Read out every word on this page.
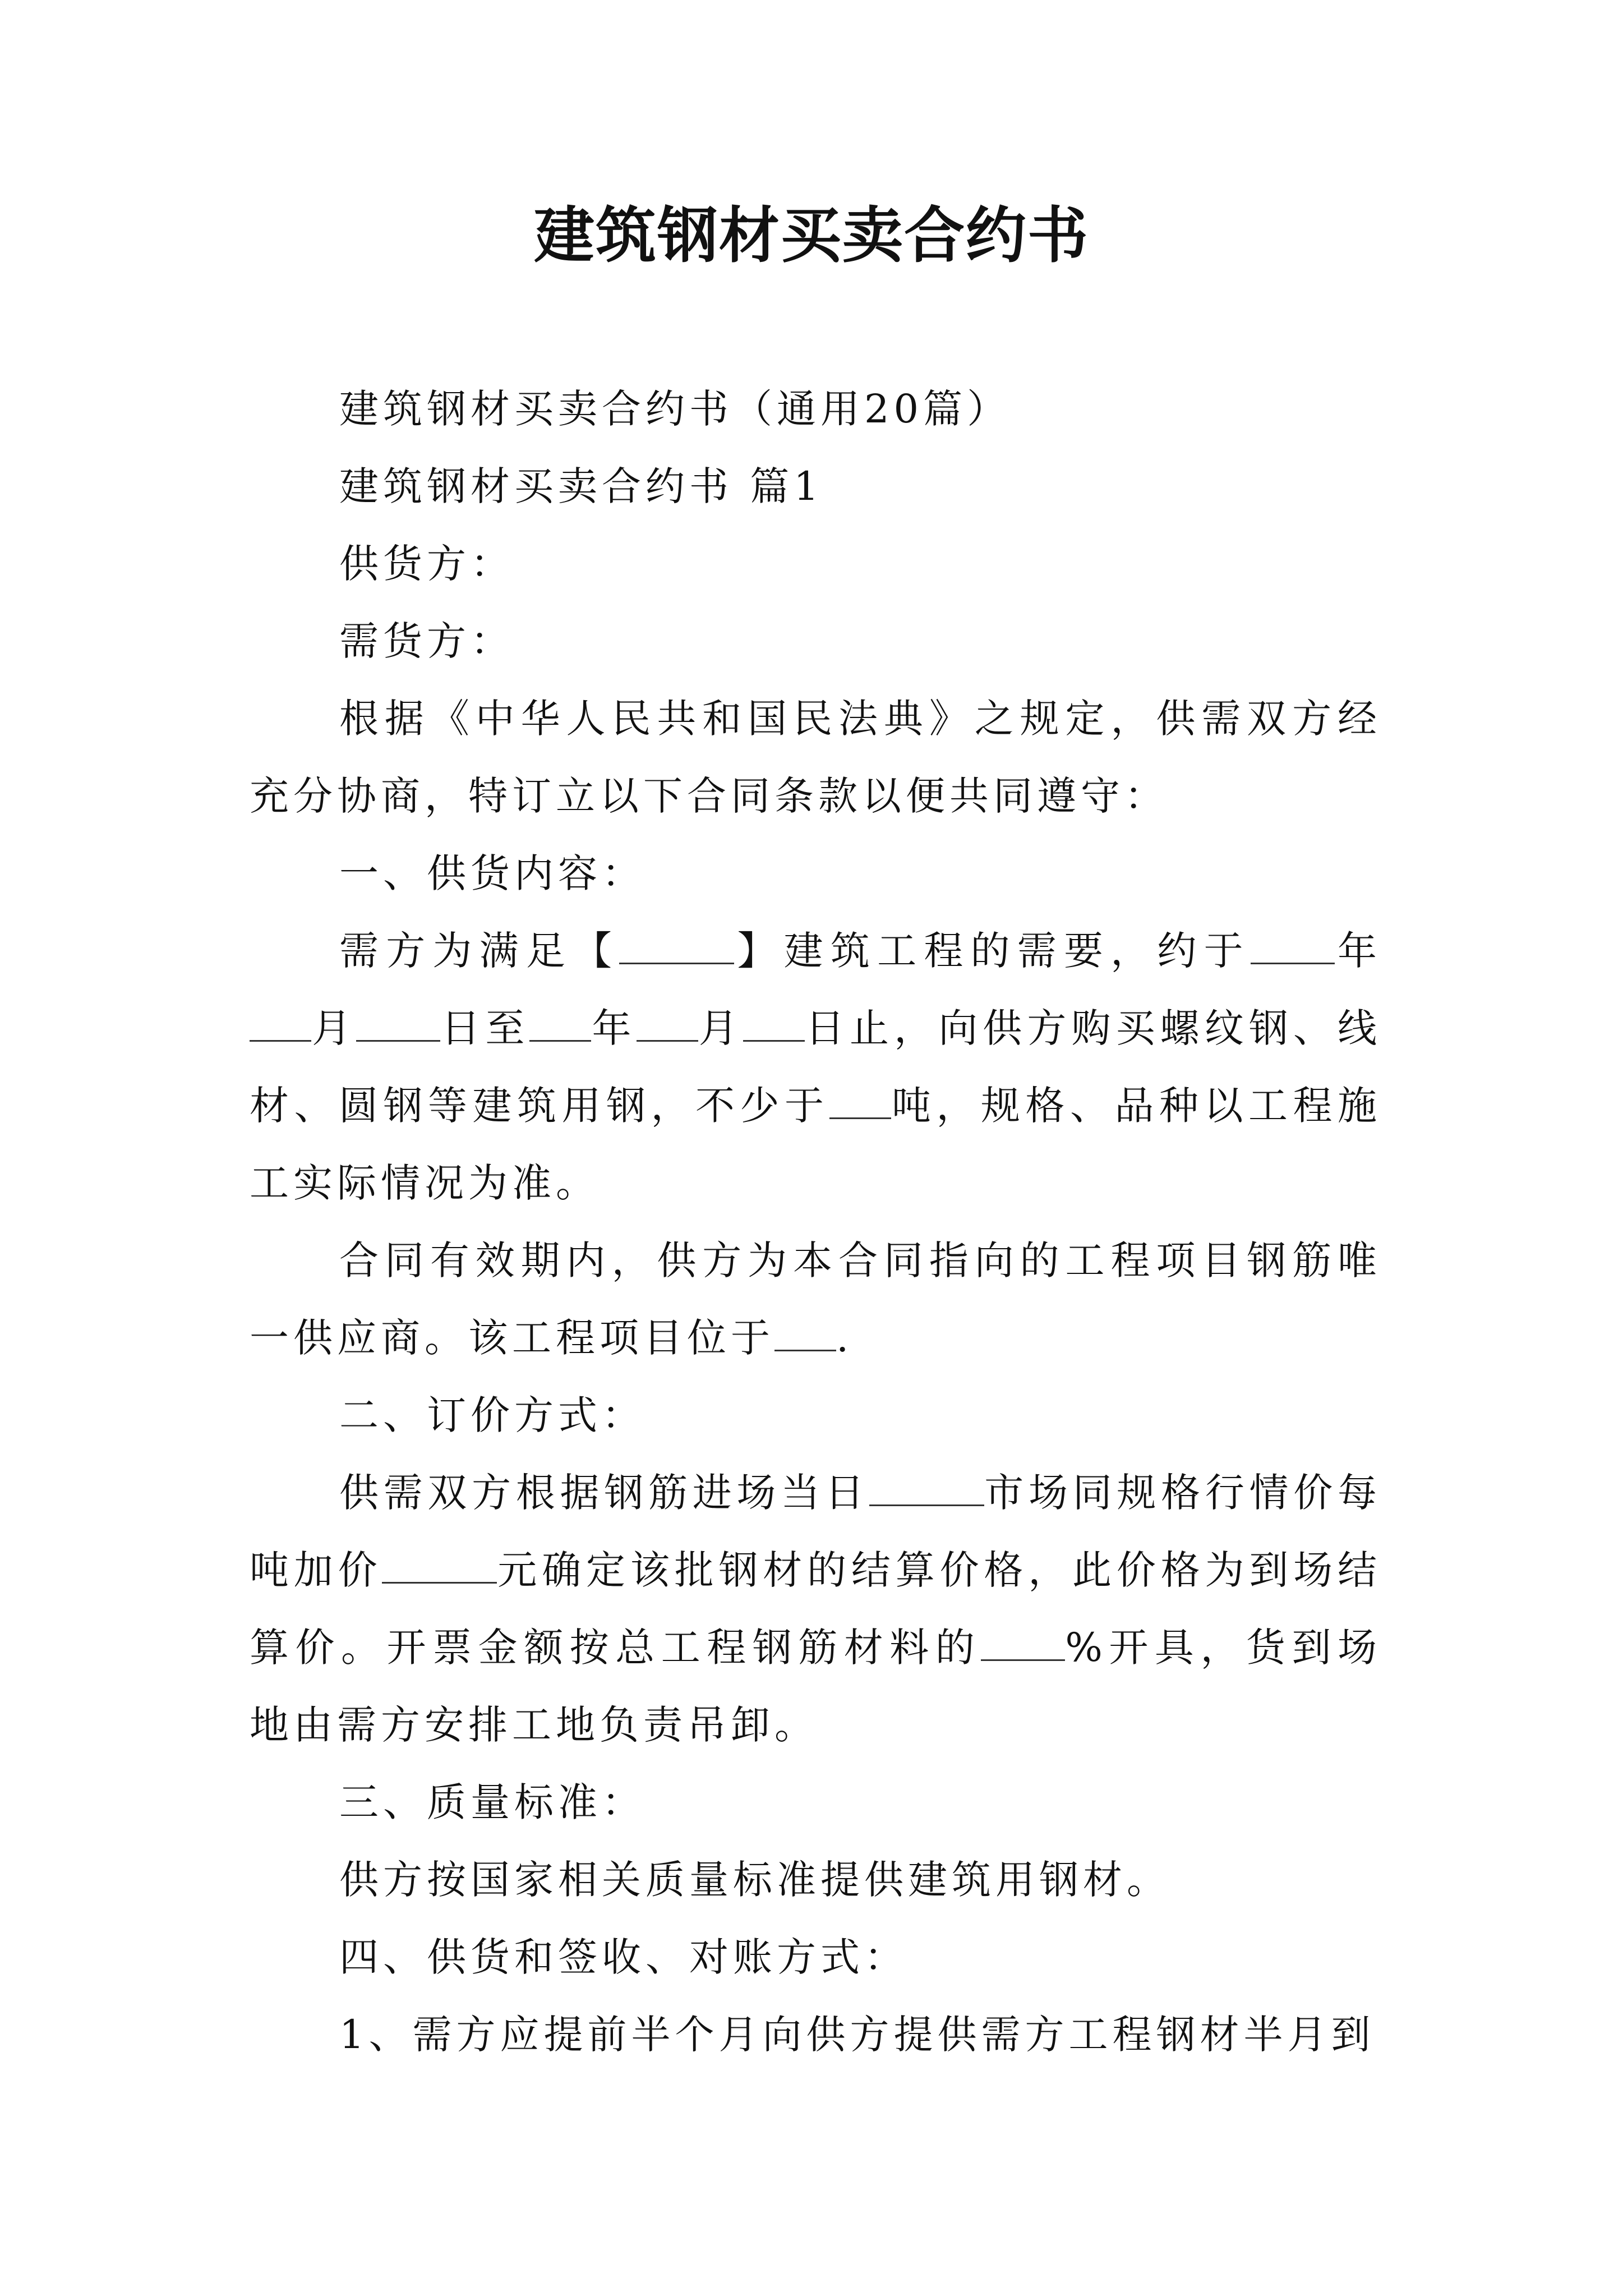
建筑钢材买卖合约书

建筑钢材买卖合约书（通用20篇）

建筑钢材买卖合约书 篇1

供货方：

需货方：

根据《中华人民共和国民法典》之规定，供需双方经充分协商，特订立以下合同条款以便共同遵守：

一、供货内容：

需方为满足【	】建筑工程的需要，约于 年月 日至 年 月 日止，向供方购买螺纹钢、线材、圆钢等建筑用钢，不少于 吨，规格、品种以工程施工实际情况为准。

合同有效期内，供方为本合同指向的工程项目钢筋唯一供应商。该工程项目位于 .

二、订价方式：

供需双方根据钢筋进场当日	市场同规格行情价每吨加价	元确定该批钢材的结算价格，此价格为到场结算价。开票金额按总工程钢筋材料的 %开具，货到场地由需方安排工地负责吊卸。

三、质量标准：

供方按国家相关质量标准提供建筑用钢材。

四、供货和签收、对账方式：

1、需方应提前半个月向供方提供需方工程钢材半月到
